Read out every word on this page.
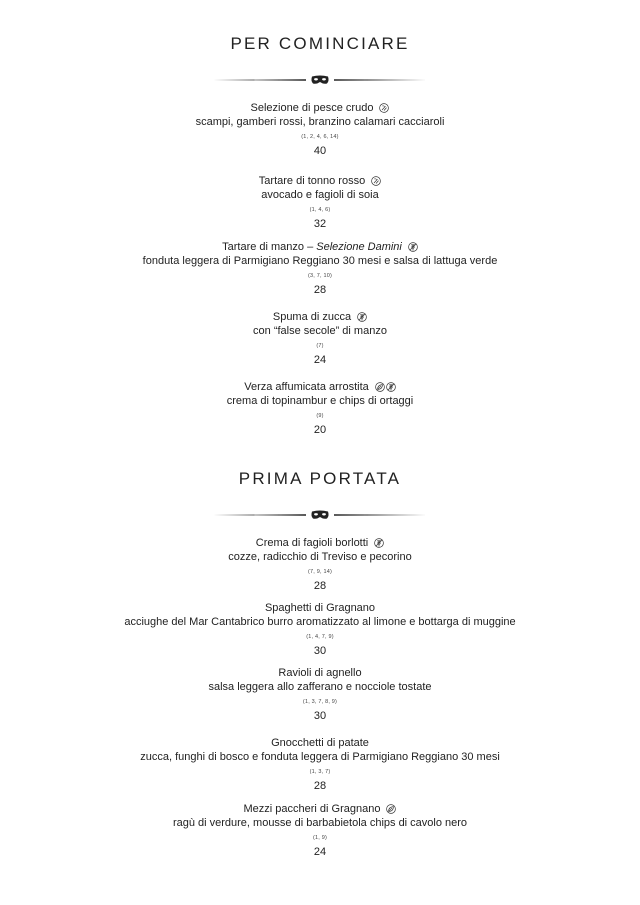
PER COMINCIARE
Selezione di pesce crudo
scampi, gamberi rossi, branzino calamari cacciaroli
(1, 2, 4, 6, 14)
40
Tartare di tonno rosso
avocado e fagioli di soia
(1, 4, 6)
32
Tartare di manzo – Selezione Damini
fonduta leggera di Parmigiano Reggiano 30 mesi e salsa di lattuga verde
(3, 7, 10)
28
Spuma di zucca
con “false secole” di manzo
(7)
24
Verza affumicata arrostita
crema di topinambur e chips di ortaggi
(9)
20
PRIMA PORTATA
Crema di fagioli borlotti
cozze, radicchio di Treviso e pecorino
(7, 9, 14)
28
Spaghetti di Gragnano
acciughe del Mar Cantabrico burro aromatizzato al limone e bottarga di muggine
(1, 4, 7, 9)
30
Ravioli di agnello
salsa leggera allo zafferano e nocciole tostate
(1, 3, 7, 8, 9)
30
Gnocchetti di patate
zucca, funghi di bosco e fonduta leggera di Parmigiano Reggiano 30 mesi
(1, 3, 7)
28
Mezzi paccheri di Gragnano
ragù di verdure, mousse di barbabietola chips di cavolo nero
(1, 9)
24
